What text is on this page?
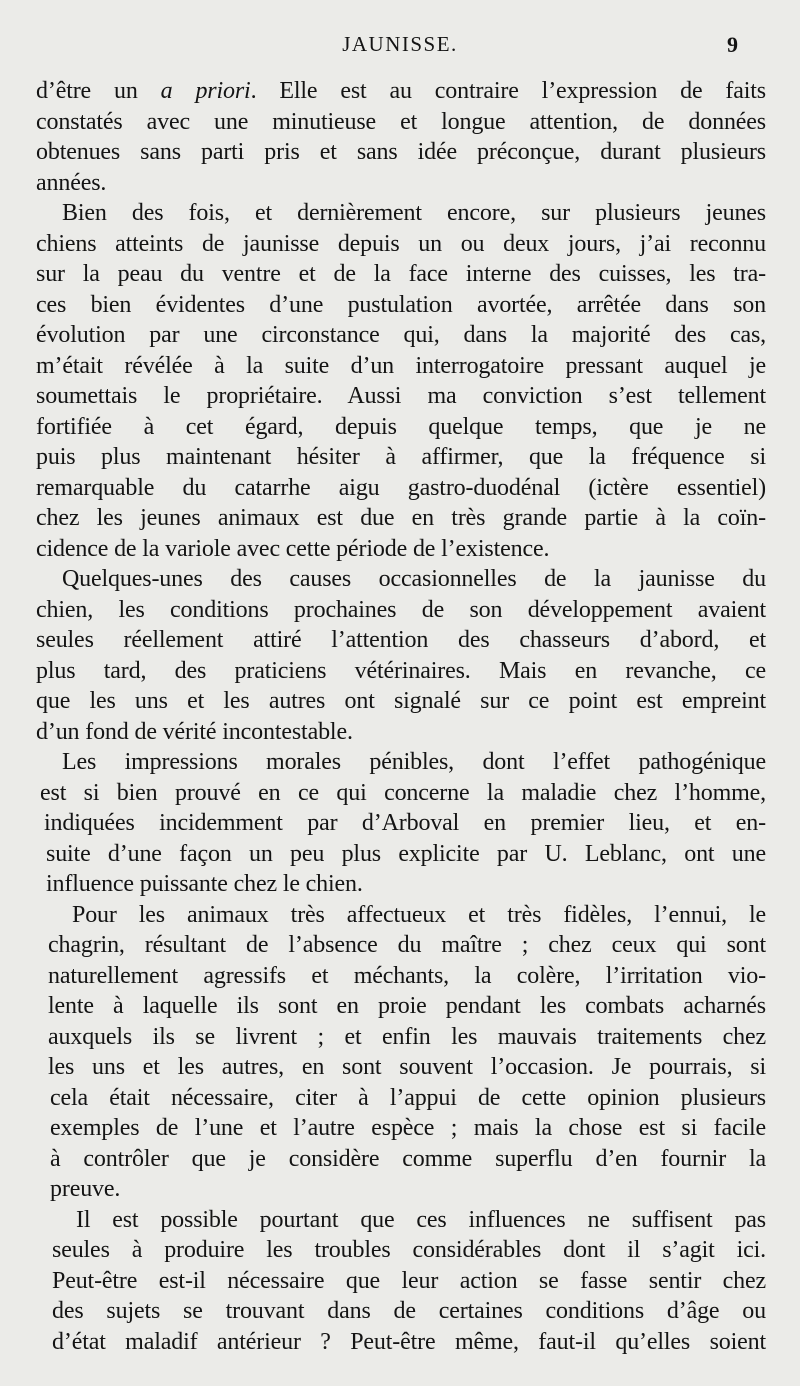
JAUNISSE.	9
d’être un a priori. Elle est au contraire l’expression de faits
constatés avec une minutieuse et longue attention, de données
obtenues sans parti pris et sans idée préconçue, durant plusieurs
années.
Bien des fois, et dernièrement encore, sur plusieurs jeunes
chiens atteints de jaunisse depuis un ou deux jours, j’ai reconnu
sur la peau du ventre et de la face interne des cuisses, les tra-
ces bien évidentes d’une pustulation avortée, arrêtée dans son
évolution par une circonstance qui, dans la majorité des cas,
m’était révélée à la suite d’un interrogatoire pressant auquel je
soumettais le propriétaire. Aussi ma conviction s’est tellement
fortifiée à cet égard, depuis quelque temps, que je ne
puis plus maintenant hésiter à affirmer, que la fréquence si
remarquable du catarrhe aigu gastro-duodénal (ictère essentiel)
chez les jeunes animaux est due en très grande partie à la coïn-
cidence de la variole avec cette période de l’existence.
Quelques-unes des causes occasionnelles de la jaunisse du
chien, les conditions prochaines de son développement avaient
seules réellement attiré l’attention des chasseurs d’abord, et
plus tard, des praticiens vétérinaires. Mais en revanche, ce
que les uns et les autres ont signalé sur ce point est empreint
d’un fond de vérité incontestable.
Les impressions morales pénibles, dont l’effet pathogénique
est si bien prouvé en ce qui concerne la maladie chez l’homme,
indiquées incidemment par d’Arboval en premier lieu, et en-
suite d’une façon un peu plus explicite par U. Leblanc, ont une
influence puissante chez le chien.
Pour les animaux très affectueux et très fidèles, l’ennui, le
chagrin, résultant de l’absence du maître ; chez ceux qui sont
naturellement agressifs et méchants, la colère, l’irritation vio-
lente à laquelle ils sont en proie pendant les combats acharnés
auxquels ils se livrent ; et enfin les mauvais traitements chez
les uns et les autres, en sont souvent l’occasion. Je pourrais, si
cela était nécessaire, citer à l’appui de cette opinion plusieurs
exemples de l’une et l’autre espèce ; mais la chose est si facile
à contrôler que je considère comme superflu d’en fournir la
preuve.
Il est possible pourtant que ces influences ne suffisent pas
seules à produire les troubles considérables dont il s’agit ici.
Peut-être est-il nécessaire que leur action se fasse sentir chez
des sujets se trouvant dans de certaines conditions d’âge ou
d’état maladif antérieur ? Peut-être même, faut-il qu’elles soient
